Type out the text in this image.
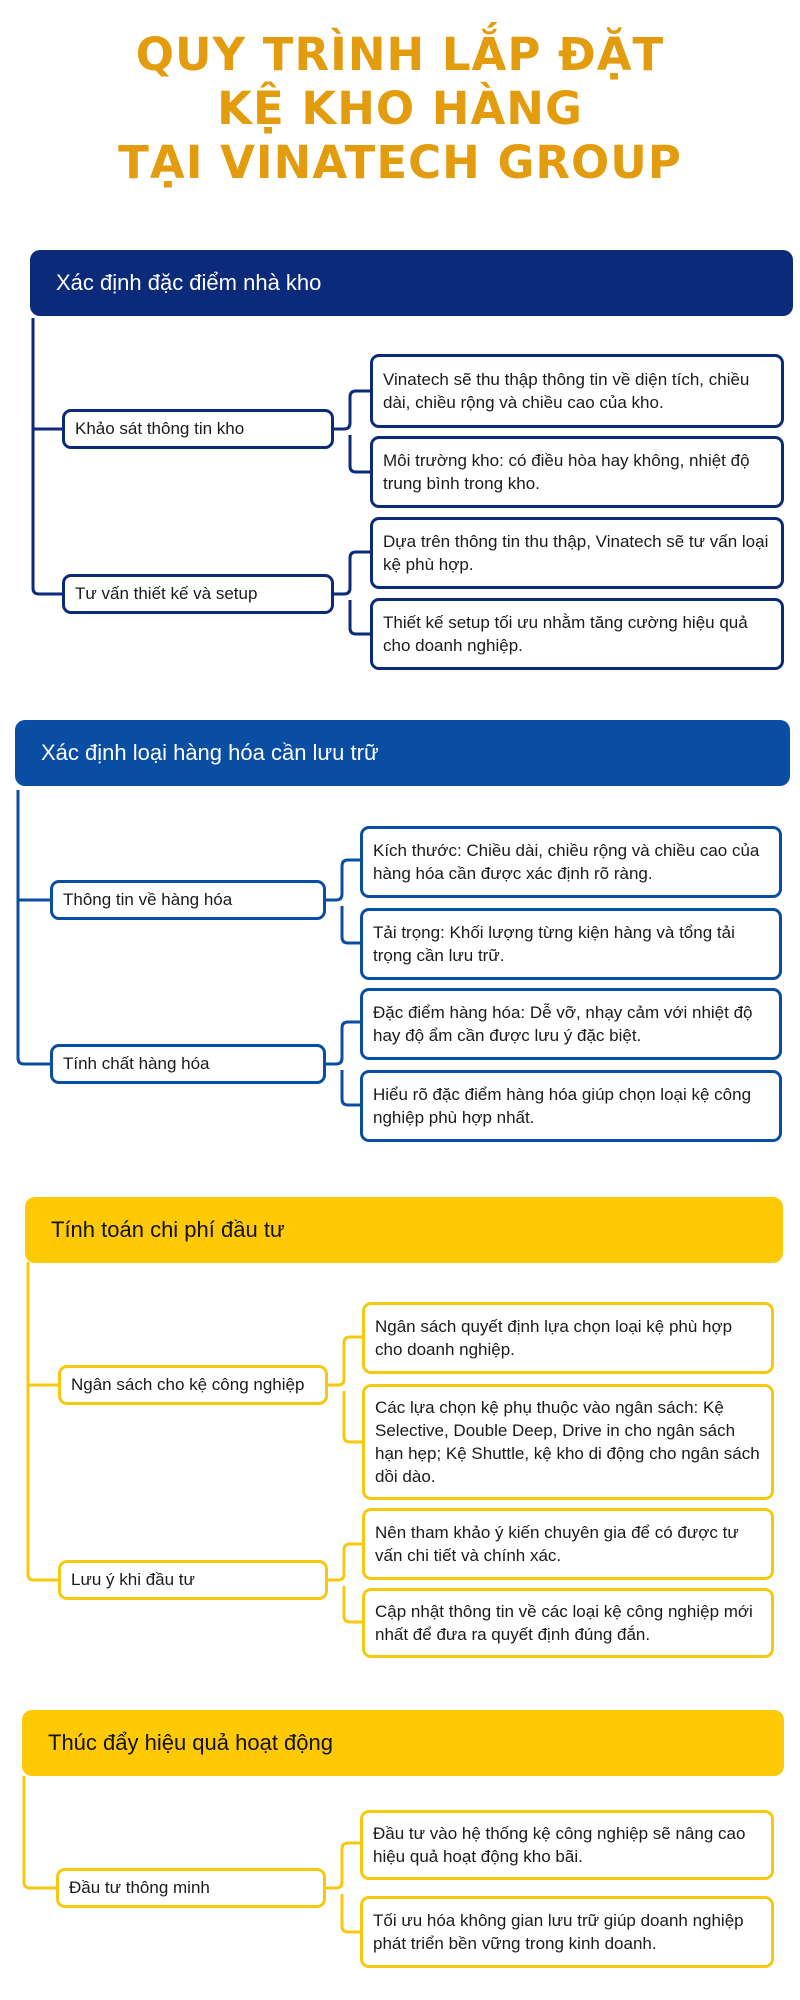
QUY TRÌNH LẮP ĐẶT
KỆ KHO HÀNG
TẠI VINATECH GROUP
Xác định đặc điểm nhà kho
Khảo sát thông tin kho
Vinatech sẽ thu thập thông tin về diện tích, chiều dài, chiều rộng và chiều cao của kho.
Môi trường kho: có điều hòa hay không, nhiệt độ trung bình trong kho.
Tư vấn thiết kế và setup
Dựa trên thông tin thu thập, Vinatech sẽ tư vấn loại kệ phù hợp.
Thiết kế setup tối ưu nhằm tăng cường hiệu quả cho doanh nghiệp.
Xác định loại hàng hóa cần lưu trữ
Thông tin về hàng hóa
Kích thước: Chiều dài, chiều rộng và chiều cao của hàng hóa cần được xác định rõ ràng.
Tải trọng: Khối lượng từng kiện hàng và tổng tải trọng cần lưu trữ.
Tính chất hàng hóa
Đặc điểm hàng hóa: Dễ vỡ, nhạy cảm với nhiệt độ hay độ ẩm cần được lưu ý đặc biệt.
Hiểu rõ đặc điểm hàng hóa giúp chọn loại kệ công nghiệp phù hợp nhất.
Tính toán chi phí đầu tư
Ngân sách cho kệ công nghiệp
Ngân sách quyết định lựa chọn loại kệ phù hợp cho doanh nghiệp.
Các lựa chọn kệ phụ thuộc vào ngân sách: Kệ Selective, Double Deep, Drive in cho ngân sách hạn hẹp; Kệ Shuttle, kệ kho di động cho ngân sách dồi dào.
Lưu ý khi đầu tư
Nên tham khảo ý kiến chuyên gia để có được tư vấn chi tiết và chính xác.
Cập nhật thông tin về các loại kệ công nghiệp mới nhất để đưa ra quyết định đúng đắn.
Thúc đẩy hiệu quả hoạt động
Đầu tư thông minh
Đầu tư vào hệ thống kệ công nghiệp sẽ nâng cao hiệu quả hoạt động kho bãi.
Tối ưu hóa không gian lưu trữ giúp doanh nghiệp phát triển bền vững trong kinh doanh.
